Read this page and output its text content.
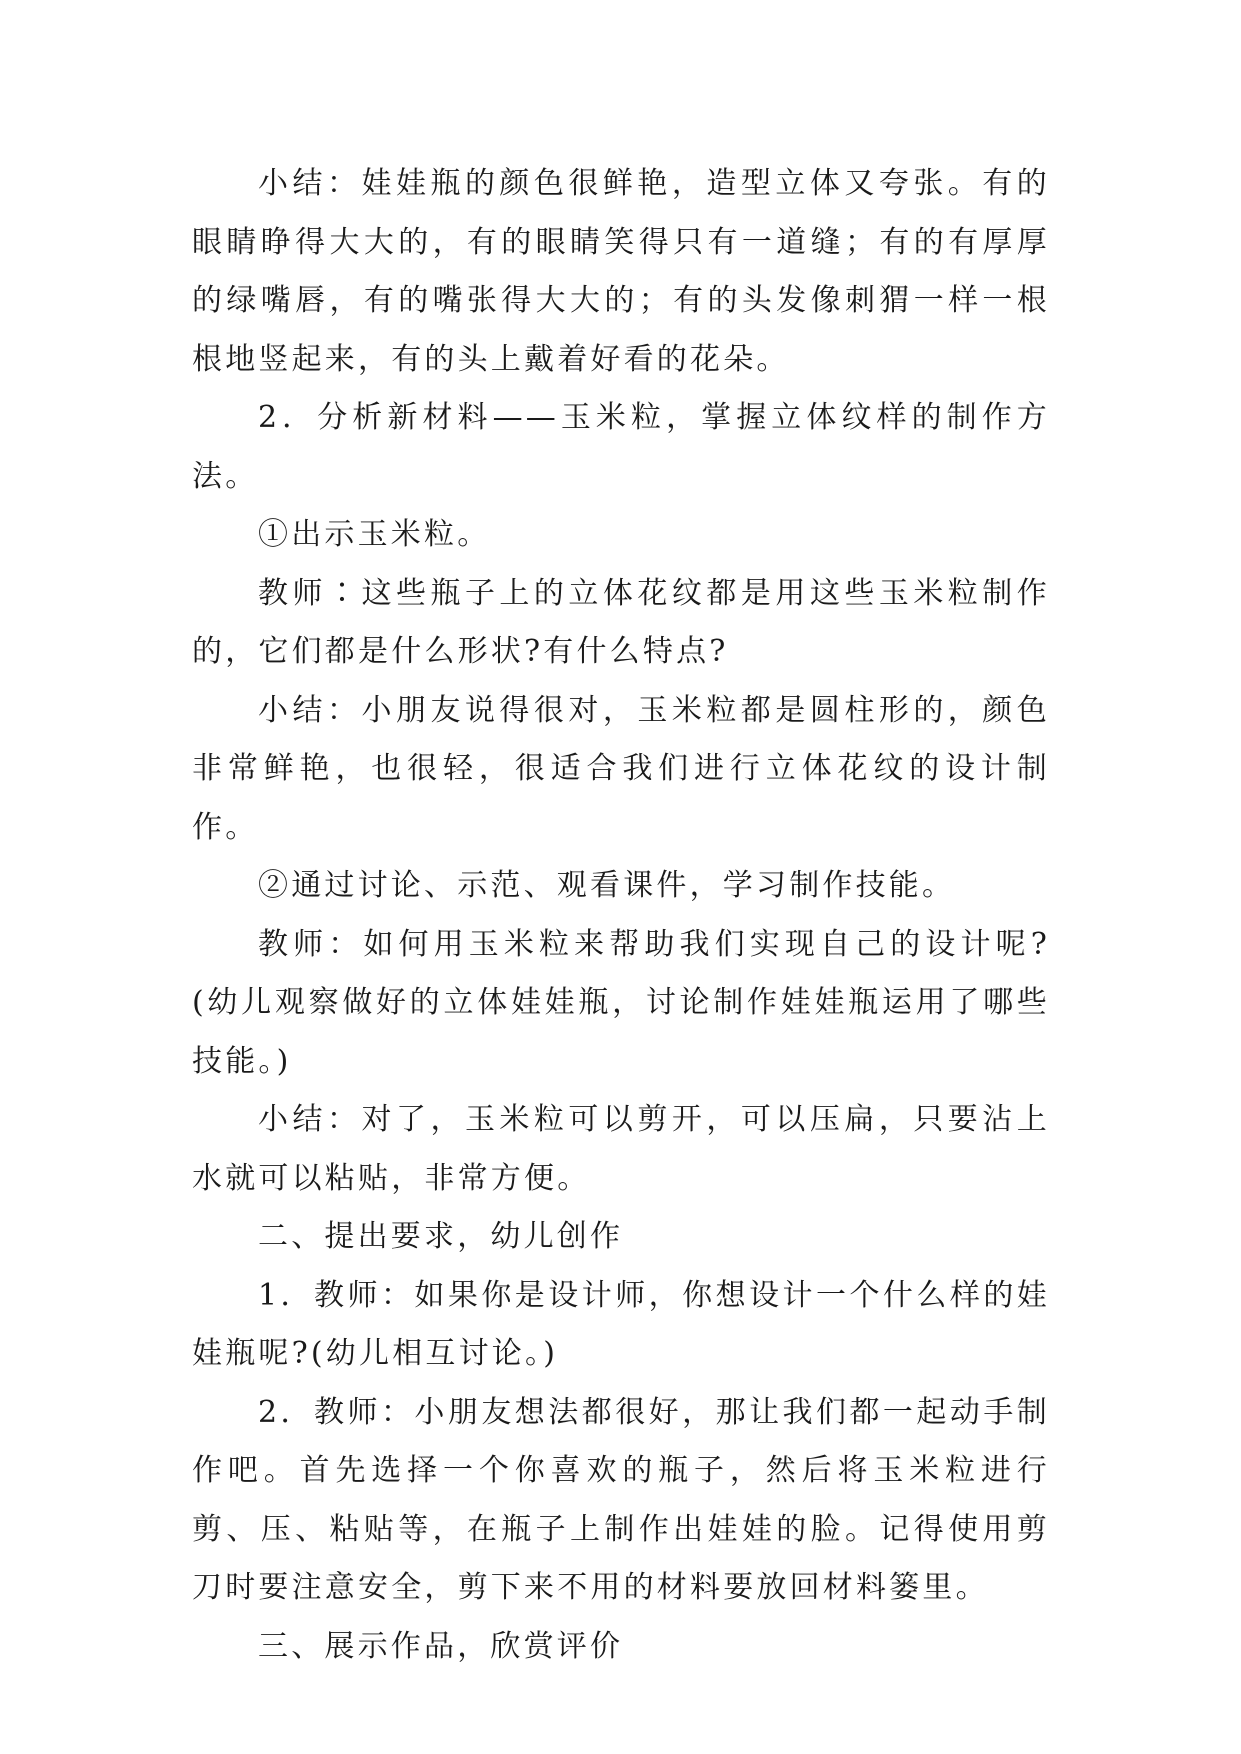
小结：娃娃瓶的颜色很鲜艳，造型立体又夸张。有的眼睛睁得大大的，有的眼睛笑得只有一道缝；有的有厚厚的绿嘴唇，有的嘴张得大大的；有的头发像刺猬一样一根根地竖起来，有的头上戴着好看的花朵。

2．分析新材料——玉米粒，掌握立体纹样的制作方法。

①出示玉米粒。

教师∶这些瓶子上的立体花纹都是用这些玉米粒制作的，它们都是什么形状?有什么特点?

小结：小朋友说得很对，玉米粒都是圆柱形的，颜色非常鲜艳，也很轻，很适合我们进行立体花纹的设计制作。

②通过讨论、示范、观看课件，学习制作技能。

教师：如何用玉米粒来帮助我们实现自己的设计呢?(幼儿观察做好的立体娃娃瓶，讨论制作娃娃瓶运用了哪些技能。)

小结：对了，玉米粒可以剪开，可以压扁，只要沾上水就可以粘贴，非常方便。

二、提出要求，幼儿创作

1．教师：如果你是设计师，你想设计一个什么样的娃娃瓶呢?(幼儿相互讨论。)

2．教师：小朋友想法都很好，那让我们都一起动手制作吧。首先选择一个你喜欢的瓶子，然后将玉米粒进行剪、压、粘贴等，在瓶子上制作出娃娃的脸。记得使用剪刀时要注意安全，剪下来不用的材料要放回材料篓里。

三、展示作品，欣赏评价
